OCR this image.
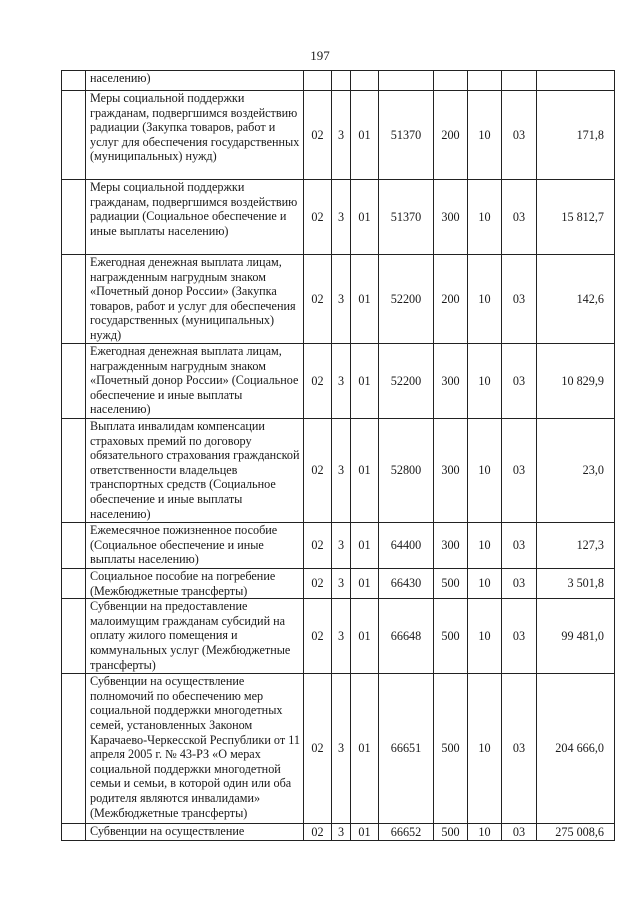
197
	населению)								
	Меры социальной поддержки гражданам, подвергшимся воздействию радиации (Закупка товаров, работ и услуг для обеспечения государственных (муниципальных) нужд)	02	3	01	51370	200	10	03	171,8
	Меры социальной поддержки гражданам, подвергшимся воздействию радиации (Социальное обеспечение и иные выплаты населению)	02	3	01	51370	300	10	03	15 812,7
	Ежегодная денежная выплата лицам, награжденным нагрудным знаком «Почетный донор России» (Закупка товаров, работ и услуг для обеспечения государственных (муниципальных) нужд)	02	3	01	52200	200	10	03	142,6
	Ежегодная денежная выплата лицам, награжденным нагрудным знаком «Почетный донор России» (Социальное обеспечение и иные выплаты населению)	02	3	01	52200	300	10	03	10 829,9
	Выплата инвалидам компенсации страховых премий по договору обязательного страхования гражданской ответственности владельцев транспортных средств (Социальное обеспечение и иные выплаты населению)	02	3	01	52800	300	10	03	23,0
	Ежемесячное пожизненное пособие (Социальное обеспечение и иные выплаты населению)	02	3	01	64400	300	10	03	127,3
	Социальное пособие на погребение (Межбюджетные трансферты)	02	3	01	66430	500	10	03	3 501,8
	Субвенции на предоставление малоимущим гражданам субсидий на оплату жилого помещения и коммунальных услуг (Межбюджетные трансферты)	02	3	01	66648	500	10	03	99 481,0
	Субвенции на осуществление полномочий по обеспечению мер социальной поддержки многодетных семей, установленных Законом Карачаево-Черкесской Республики от 11 апреля 2005 г. № 43-РЗ «О мерах социальной поддержки многодетной семьи и семьи, в которой один или оба родителя являются инвалидами» (Межбюджетные трансферты)	02	3	01	66651	500	10	03	204 666,0
	Субвенции на осуществление	02	3	01	66652	500	10	03	275 008,6
